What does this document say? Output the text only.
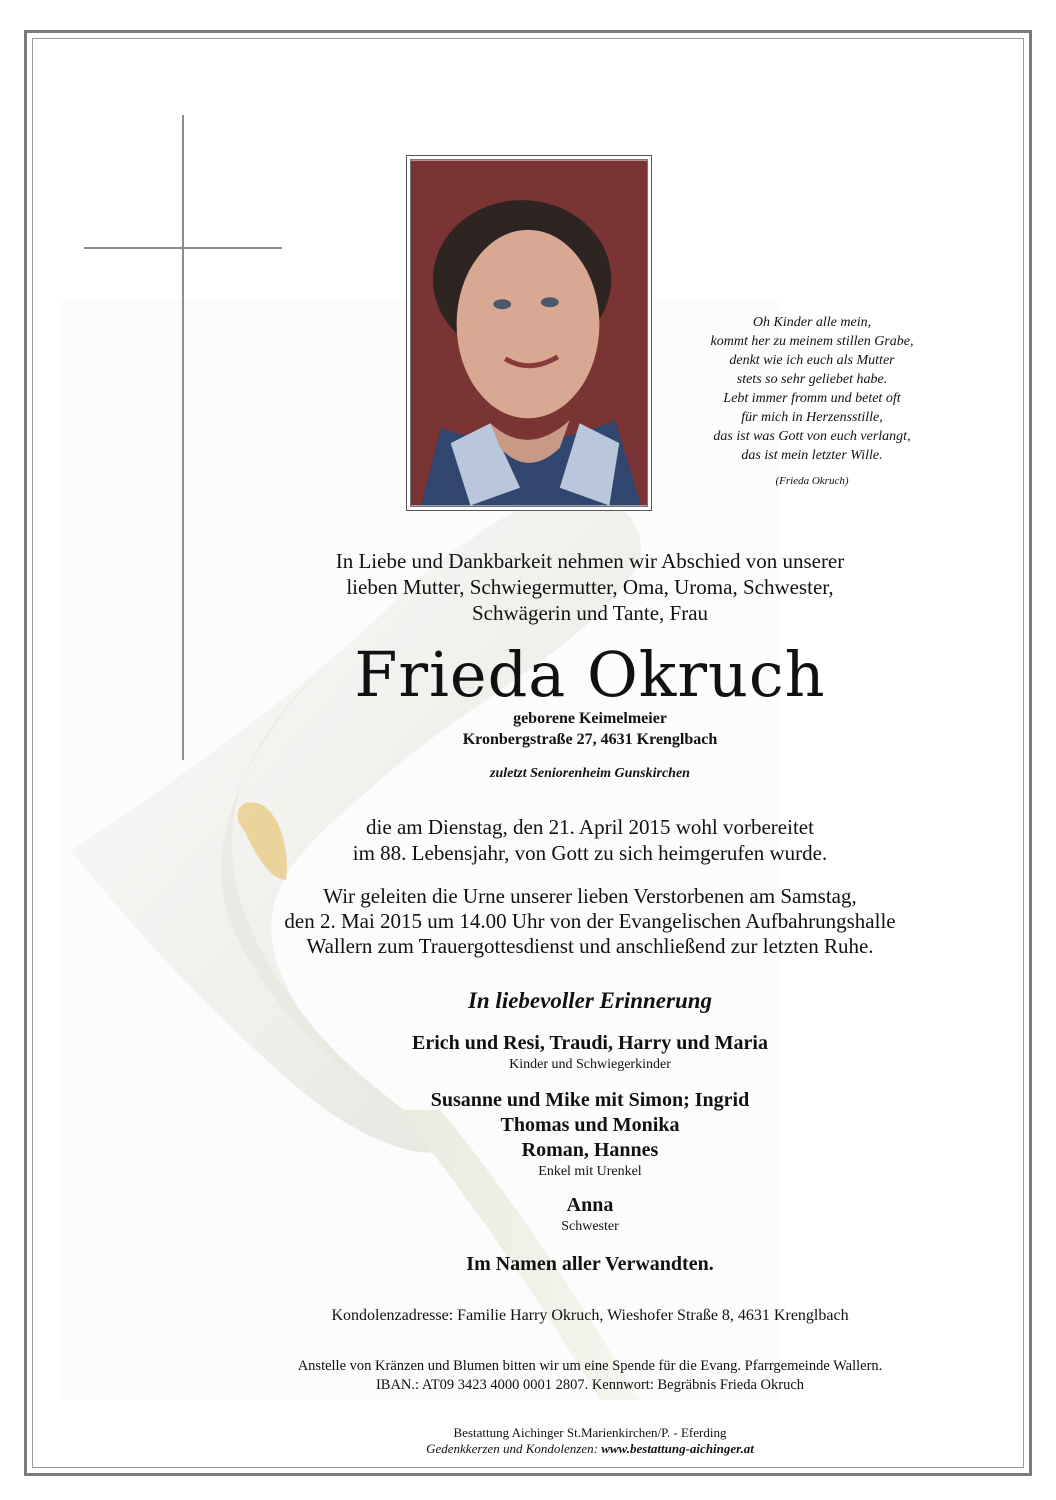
Oh Kinder alle mein,
kommt her zu meinem stillen Grabe,
denkt wie ich euch als Mutter
stets so sehr geliebet habe.
Lebt immer fromm und betet oft
für mich in Herzensstille,
das ist was Gott von euch verlangt,
das ist mein letzter Wille.
(Frieda Okruch)
In Liebe und Dankbarkeit nehmen wir Abschied von unserer
lieben Mutter, Schwiegermutter, Oma, Uroma, Schwester,
Schwägerin und Tante, Frau
Frieda Okruch
geborene Keimelmeier
Kronbergstraße 27, 4631 Krenglbach
zuletzt Seniorenheim Gunskirchen
die am Dienstag, den 21. April 2015 wohl vorbereitet
im 88. Lebensjahr, von Gott zu sich heimgerufen wurde.
Wir geleiten die Urne unserer lieben Verstorbenen am Samstag,
den 2. Mai 2015 um 14.00 Uhr von der Evangelischen Aufbahrungshalle
Wallern zum Trauergottesdienst und anschließend zur letzten Ruhe.
In liebevoller Erinnerung
Erich und Resi, Traudi, Harry und Maria
Kinder und Schwiegerkinder
Susanne und Mike mit Simon; Ingrid
Thomas und Monika
Roman, Hannes
Enkel mit Urenkel
Anna
Schwester
Im Namen aller Verwandten.
Kondolenzadresse: Familie Harry Okruch, Wieshofer Straße 8, 4631 Krenglbach
Anstelle von Kränzen und Blumen bitten wir um eine Spende für die Evang. Pfarrgemeinde Wallern.
IBAN.: AT09 3423 4000 0001 2807. Kennwort: Begräbnis Frieda Okruch
Bestattung Aichinger St.Marienkirchen/P. - Eferding
Gedenkkerzen und Kondolenzen: www.bestattung-aichinger.at
